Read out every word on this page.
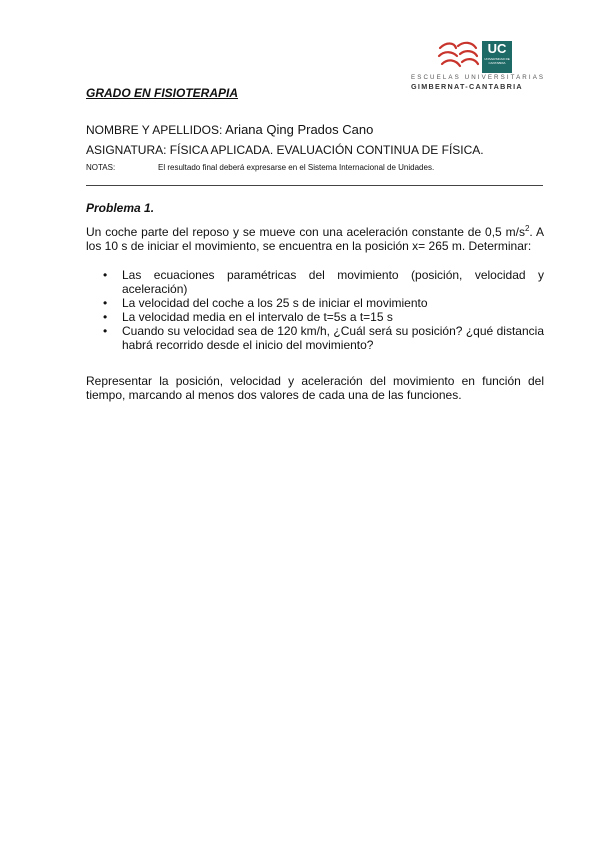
UC
UNIVERSIDAD DE CANTABRIA
ESCUELAS UNIVERSITARIAS
GIMBERNAT-CANTABRIA
GRADO EN FISIOTERAPIA
NOMBRE Y APELLIDOS: Ariana Qing Prados Cano
ASIGNATURA: FÍSICA APLICADA. EVALUACIÓN CONTINUA DE FÍSICA.
NOTAS:	El resultado final deberá expresarse en el Sistema Internacional de Unidades.
Problema 1.
Un coche parte del reposo y se mueve con una aceleración constante de 0,5 $m/s^2$. A los 10 s de iniciar el movimiento, se encuentra en la posición x= 265 m. Determinar:
• Las ecuaciones paramétricas del movimiento (posición, velocidad y aceleración)
• La velocidad del coche a los 25 s de iniciar el movimiento
• La velocidad media en el intervalo de t=5s a t=15 s
• Cuando su velocidad sea de 120 km/h, ¿Cuál será su posición? ¿qué distancia habrá recorrido desde el inicio del movimiento?
Representar la posición, velocidad y aceleración del movimiento en función del tiempo, marcando al menos dos valores de cada una de las funciones.
